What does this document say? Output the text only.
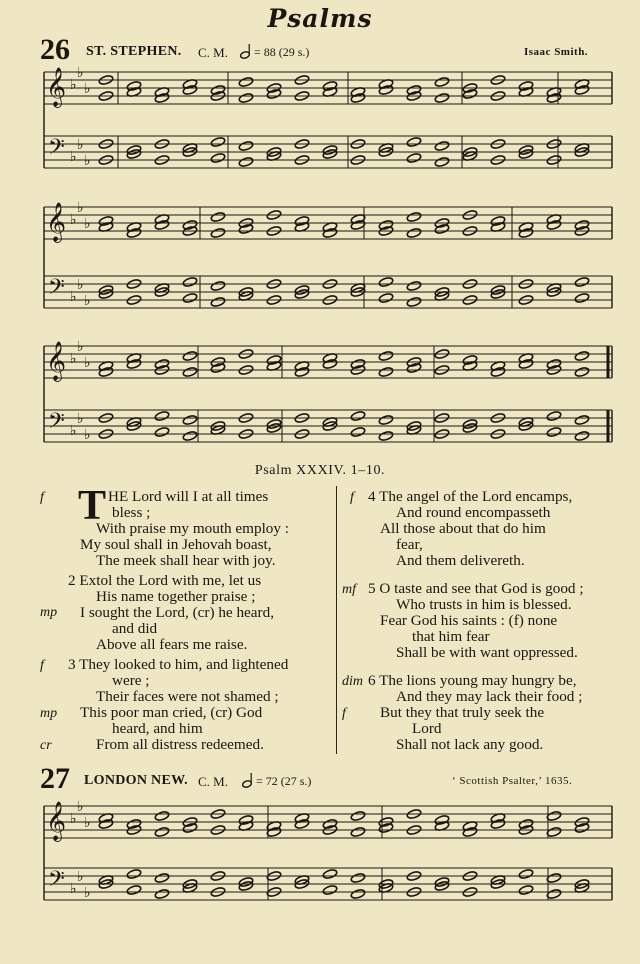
Psalms
26 ST. STEPHEN. C. M. = 88 (29 s.)	Isaac Smith.
𝄞
𝄢
♭
♭
♭
♭
♭
♭
𝄞
𝄢
♭
♭
♭
♭
♭
♭
𝄞
𝄢
♭
♭
♭
♭
♭
♭
𝄞
𝄢
♭
♭
♭
♭
♭
♭
Psalm XXXIV. 1–10.
f T HE Lord will I at all times
bless ;
With praise my mouth employ :
My soul shall in Jehovah boast,
The meek shall hear with joy.
2 Extol the Lord with me, let us
His name together praise ;
mp I sought the Lord, (cr) he heard,
and did
Above all fears me raise.
f 3 They looked to him, and lightened
were ;
Their faces were not shamed ;
mp This poor man cried, (cr) God
heard, and him
cr	From all distress redeemed.
f 4 The angel of the Lord encamps,
And round encompasseth
All those about that do him
fear,
And them delivereth.
mf 5 O taste and see that God is good ;
Who trusts in him is blessed.
Fear God his saints : (f) none
that him fear
Shall be with want oppressed.
dim 6 The lions young may hungry be,
And they may lack their food ;
f But they that truly seek the
Lord
Shall not lack any good.
27 LONDON NEW. C. M. = 72 (27 s.)	‘ Scottish Psalter,’ 1635.
